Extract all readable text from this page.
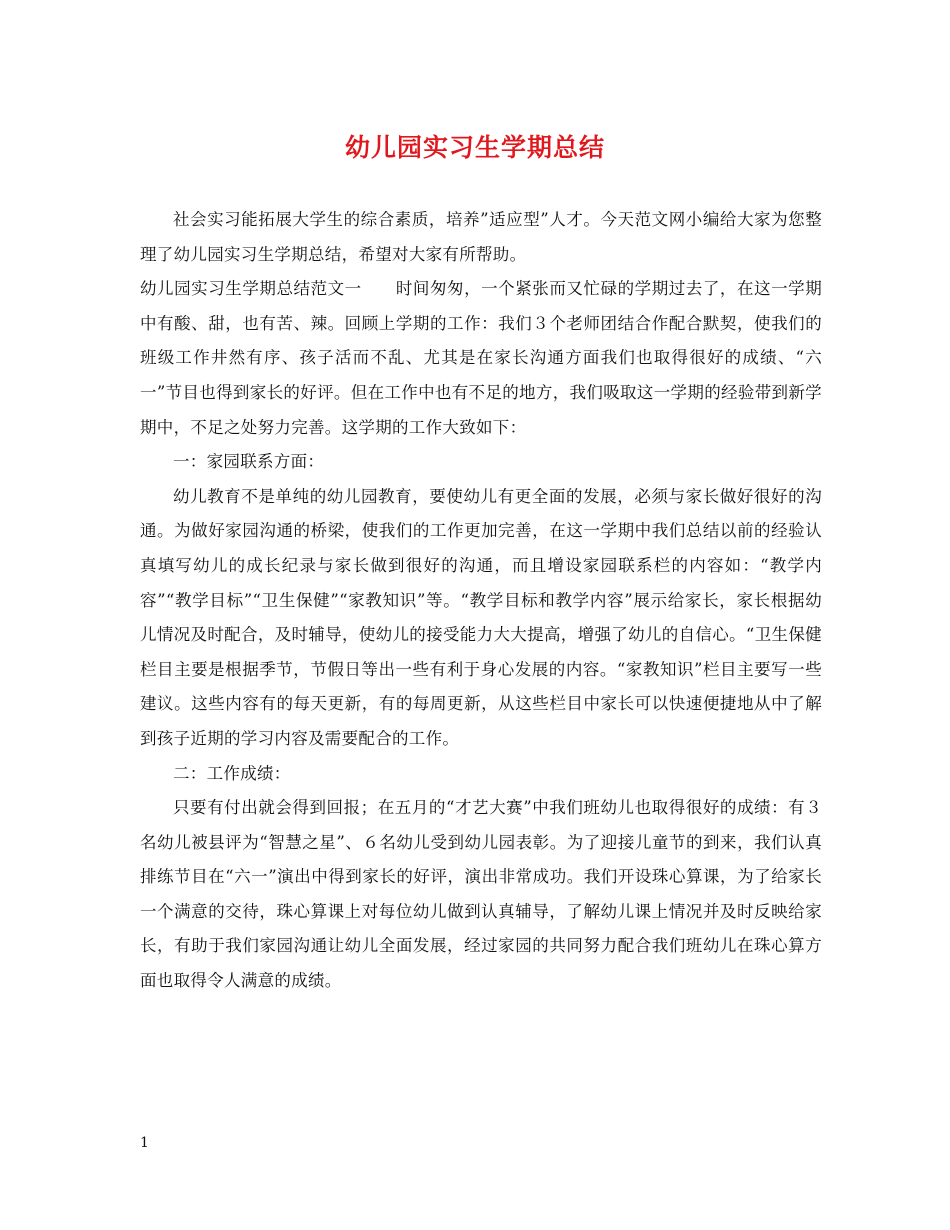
幼儿园实习生学期总结

社会实习能拓展大学生的综合素质，培养”适应型”人才。今天范文网小编给大家为您整理了幼儿园实习生学期总结，希望对大家有所帮助。

幼儿园实习生学期总结范文一　　时间匆匆，一个紧张而又忙碌的学期过去了，在这一学期中有酸、甜，也有苦、辣。回顾上学期的工作：我们３个老师团结合作配合默契，使我们的班级工作井然有序、孩子活而不乱、尤其是在家长沟通方面我们也取得很好的成绩、“六一”节目也得到家长的好评。但在工作中也有不足的地方，我们吸取这一学期的经验带到新学期中，不足之处努力完善。这学期的工作大致如下：

一：家园联系方面：

幼儿教育不是单纯的幼儿园教育，要使幼儿有更全面的发展，必须与家长做好很好的沟通。为做好家园沟通的桥梁，使我们的工作更加完善，在这一学期中我们总结以前的经验认真填写幼儿的成长纪录与家长做到很好的沟通，而且增设家园联系栏的内容如：“教学内容”“教学目标”“卫生保健”“家教知识”等。“教学目标和教学内容”展示给家长，家长根据幼儿情况及时配合，及时辅导，使幼儿的接受能力大大提高，增强了幼儿的自信心。“卫生保健栏目主要是根据季节，节假日等出一些有利于身心发展的内容。“家教知识”栏目主要写一些建议。这些内容有的每天更新，有的每周更新，从这些栏目中家长可以快速便捷地从中了解到孩子近期的学习内容及需要配合的工作。

二：工作成绩：

只要有付出就会得到回报；在五月的“才艺大赛”中我们班幼儿也取得很好的成绩：有３名幼儿被县评为“智慧之星”、６名幼儿受到幼儿园表彰。为了迎接儿童节的到来，我们认真排练节目在“六一”演出中得到家长的好评，演出非常成功。我们开设珠心算课，为了给家长一个满意的交待，珠心算课上对每位幼儿做到认真辅导，了解幼儿课上情况并及时反映给家长，有助于我们家园沟通让幼儿全面发展，经过家园的共同努力配合我们班幼儿在珠心算方面也取得令人满意的成绩。

1
